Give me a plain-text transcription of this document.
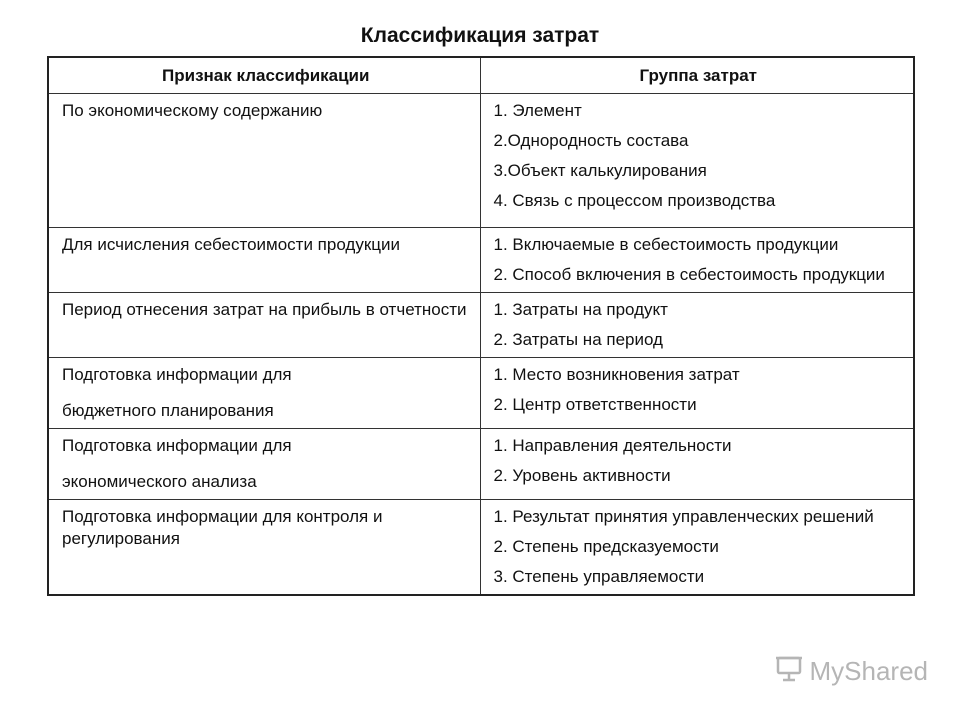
Классификация затрат
Признак классификации	Группа затрат

По экономическому содержанию	1. Элемент
2.Однородность состава
3.Объект калькулирования
4. Связь с процессом производства

Для исчисления себестоимости продукции	1. Включаемые в себестоимость продукции
2. Способ включения в себестоимость продукции

Период отнесения затрат на прибыль в отчетности	1. Затраты на продукт
2. Затраты на период

Подготовка информации для
бюджетного планирования	1. Место возникновения затрат
2. Центр ответственности

Подготовка информации для
экономического анализа	1. Направления деятельности
2. Уровень активности

Подготовка информации для контроля и регулирования	1. Результат принятия управленческих решений
2. Степень предсказуемости
3. Степень управляемости
MyShared
